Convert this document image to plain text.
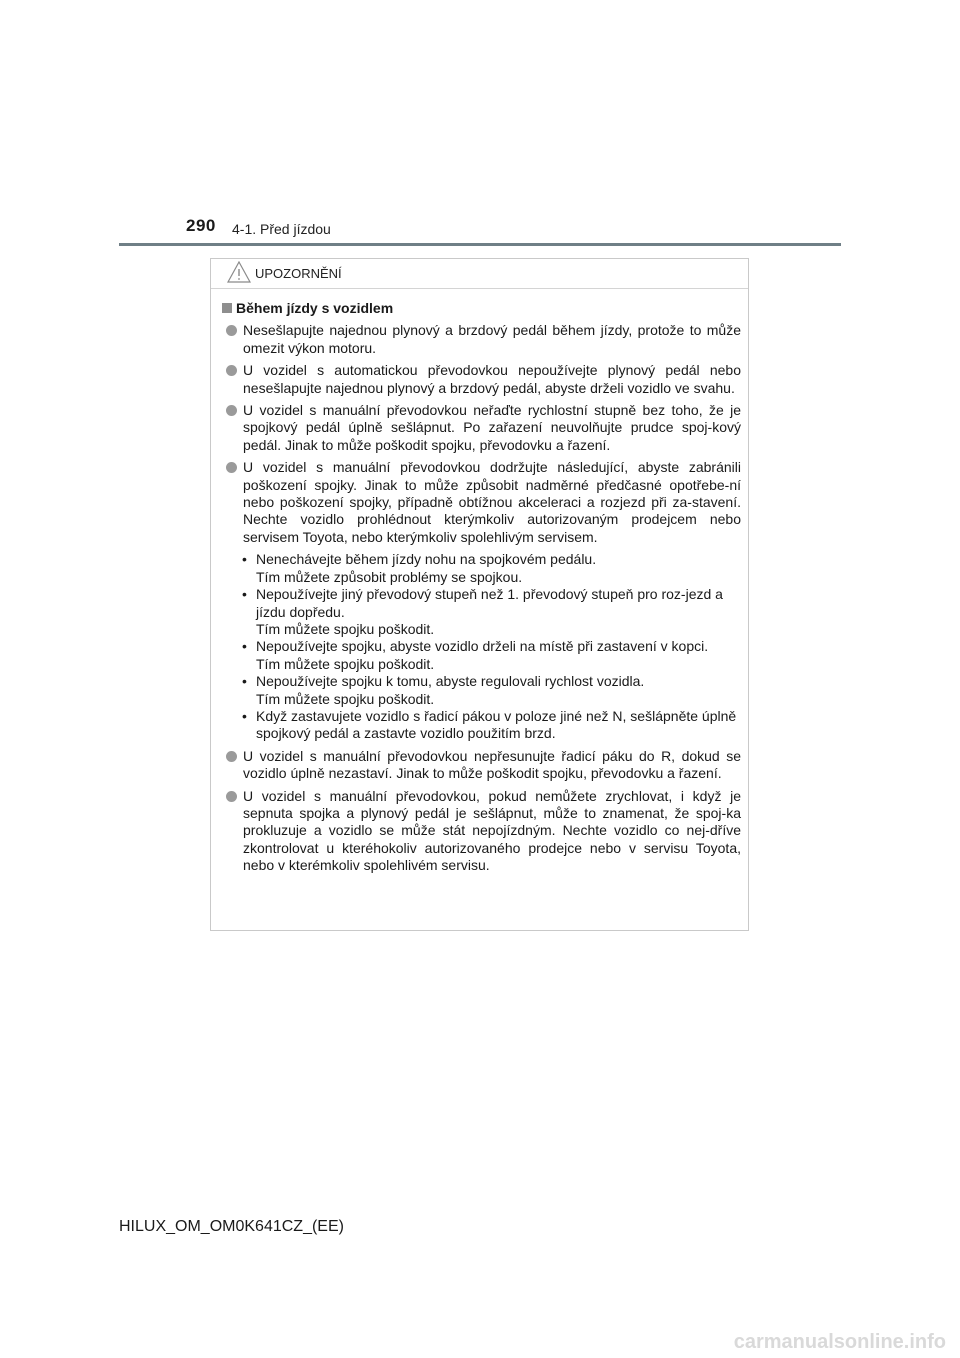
290 4-1. Před jízdou
UPOZORNĚNÍ
Během jízdy s vozidlem
Nesešlapujte najednou plynový a brzdový pedál během jízdy, protože to může omezit výkon motoru.
U vozidel s automatickou převodovkou nepoužívejte plynový pedál nebo nesešlapujte najednou plynový a brzdový pedál, abyste drželi vozidlo ve svahu.
U vozidel s manuální převodovkou neřaďte rychlostní stupně bez toho, že je spojkový pedál úplně sešlápnut. Po zařazení neuvolňujte prudce spoj-kový pedál. Jinak to může poškodit spojku, převodovku a řazení.
U vozidel s manuální převodovkou dodržujte následující, abyste zabránili poškození spojky. Jinak to může způsobit nadměrné předčasné opotřebe-ní nebo poškození spojky, případně obtížnou akceleraci a rozjezd při za-stavení. Nechte vozidlo prohlédnout kterýmkoliv autorizovaným prodejcem nebo servisem Toyota, nebo kterýmkoliv spolehlivým servisem.
• Nenechávejte během jízdy nohu na spojkovém pedálu.
Tím můžete způsobit problémy se spojkou.
• Nepoužívejte jiný převodový stupeň než 1. převodový stupeň pro roz-jezd a jízdu dopředu.
Tím můžete spojku poškodit.
• Nepoužívejte spojku, abyste vozidlo drželi na místě při zastavení v kopci.
Tím můžete spojku poškodit.
• Nepoužívejte spojku k tomu, abyste regulovali rychlost vozidla.
Tím můžete spojku poškodit.
• Když zastavujete vozidlo s řadicí pákou v poloze jiné než N, sešlápněte úplně spojkový pedál a zastavte vozidlo použitím brzd.
U vozidel s manuální převodovkou nepřesunujte řadicí páku do R, dokud se vozidlo úplně nezastaví. Jinak to může poškodit spojku, převodovku a řazení.
U vozidel s manuální převodovkou, pokud nemůžete zrychlovat, i když je sepnuta spojka a plynový pedál je sešlápnut, může to znamenat, že spoj-ka prokluzuje a vozidlo se může stát nepojízdným. Nechte vozidlo co nej-dříve zkontrolovat u kteréhokoliv autorizovaného prodejce nebo v servisu Toyota, nebo v kterémkoliv spolehlivém servisu.
HILUX_OM_OM0K641CZ_(EE)
carmanualsonline.info
